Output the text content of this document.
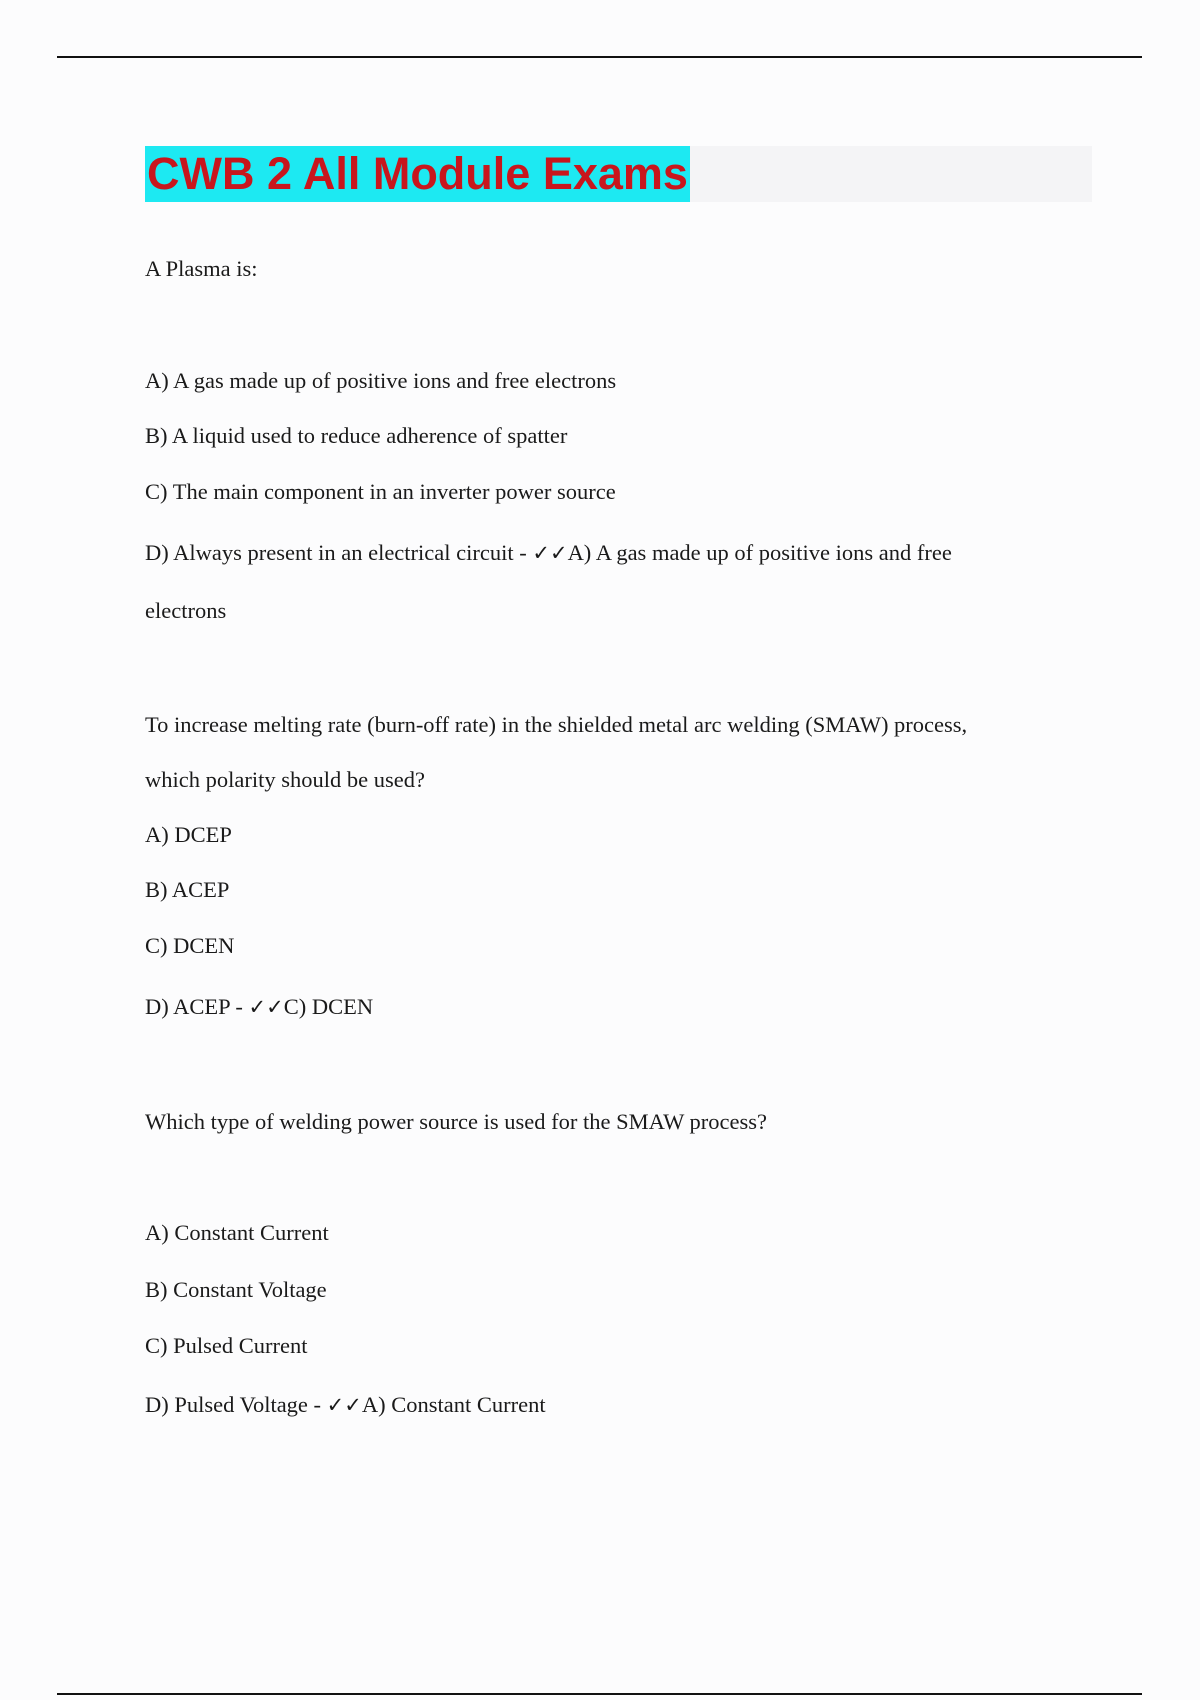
CWB 2 All Module Exams
A Plasma is:
A) A gas made up of positive ions and free electrons
B) A liquid used to reduce adherence of spatter
C) The main component in an inverter power source
D) Always present in an electrical circuit - ✓✓A) A gas made up of positive ions and free
electrons
To increase melting rate (burn-off rate) in the shielded metal arc welding (SMAW) process,
which polarity should be used?
A) DCEP
B) ACEP
C) DCEN
D) ACEP - ✓✓C) DCEN
Which type of welding power source is used for the SMAW process?
A) Constant Current
B) Constant Voltage
C) Pulsed Current
D) Pulsed Voltage - ✓✓A) Constant Current
